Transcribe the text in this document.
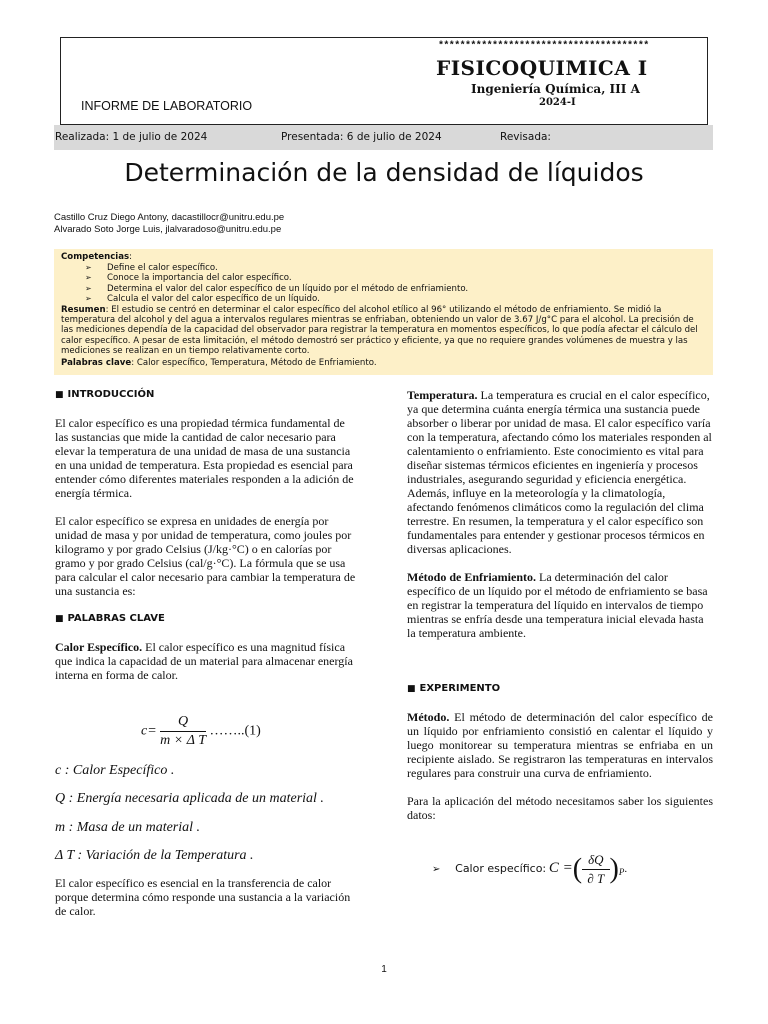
***************************************
FISICOQUIMICA I
Ingeniería Química, III A
2024-I
INFORME DE LABORATORIO
Realizada: 1 de julio de 2024	Presentada: 6 de julio de 2024	Revisada:
Determinación de la densidad de líquidos
Castillo Cruz Diego Antony, dacastillocr@unitru.edu.pe
Alvarado Soto Jorge Luis, jlalvaradoso@unitru.edu.pe

Competencias:

➢ Define el calor específico.
➢ Conoce la importancia del calor específico.
➢ Determina el valor del calor específico de un líquido por el método de enfriamiento.
➢ Calcula el valor del calor específico de un líquido.

Resumen: El estudio se centró en determinar el calor específico del alcohol etílico al 96° utilizando el método de enfriamiento. Se midió la temperatura del alcohol y del agua a intervalos regulares mientras se enfriaban, obteniendo un valor de 3.67 J/g°C para el alcohol. La precisión de las mediciones dependía de la capacidad del observador para registrar la temperatura en momentos específicos, lo que podía afectar el cálculo del calor específico. A pesar de esta limitación, el método demostró ser práctico y eficiente, ya que no requiere grandes volúmenes de muestra y las mediciones se realizan en un tiempo relativamente corto.

Palabras clave: Calor específico, Temperatura, Método de Enfriamiento.

■ INTRODUCCIÓN

El calor específico es una propiedad térmica fundamental de las sustancias que mide la cantidad de calor necesario para elevar la temperatura de una unidad de masa de una sustancia en una unidad de temperatura. Esta propiedad es esencial para entender cómo diferentes materiales responden a la adición de energía térmica.

El calor específico se expresa en unidades de energía por unidad de masa y por unidad de temperatura, como joules por kilogramo y por grado Celsius (J/kg·°C) o en calorías por gramo y por grado Celsius (cal/g·°C). La fórmula que se usa para calcular el calor necesario para cambiar la temperatura de una sustancia es:

■ PALABRAS CLAVE

Calor Específico. El calor específico es una magnitud física que indica la capacidad de un material para almacenar energía interna en forma de calor.

$c= \frac{Q}{\text{m × Δ T}}$ ……..(1)

c : Calor Específico .

Q : Energía necesaria aplicada de un material .

m : Masa de un material .

Δ T : Variación de la Temperatura .

El calor específico es esencial en la transferencia de calor porque determina cómo responde una sustancia a la variación de calor.

Temperatura. La temperatura es crucial en el calor específico, ya que determina cuánta energía térmica una sustancia puede absorber o liberar por unidad de masa. El calor específico varía con la temperatura, afectando cómo los materiales responden al calentamiento o enfriamiento. Este conocimiento es vital para diseñar sistemas térmicos eficientes en ingeniería y procesos industriales, asegurando seguridad y eficiencia energética. Además, influye en la meteorología y la climatología, afectando fenómenos climáticos como la regulación del clima terrestre. En resumen, la temperatura y el calor específico son fundamentales para entender y gestionar procesos térmicos en diversas aplicaciones.

Método de Enfriamiento. La determinación del calor específico de un líquido por el método de enfriamiento se basa en registrar la temperatura del líquido en intervalos de tiempo mientras se enfría desde una temperatura inicial elevada hasta la temperatura ambiente.

■ EXPERIMENTO

Método. El método de determinación del calor específico de un líquido por enfriamiento consistió en calentar el líquido y luego monitorear su temperatura mientras se enfriaba en un recipiente aislado. Se registraron las temperaturas en intervalos regulares para construir una curva de enfriamiento.

Para la aplicación del método necesitamos saber los siguientes datos:

➢ Calor específico: C =( $\frac{\delta Q}{\partial T} )_P$.
1
